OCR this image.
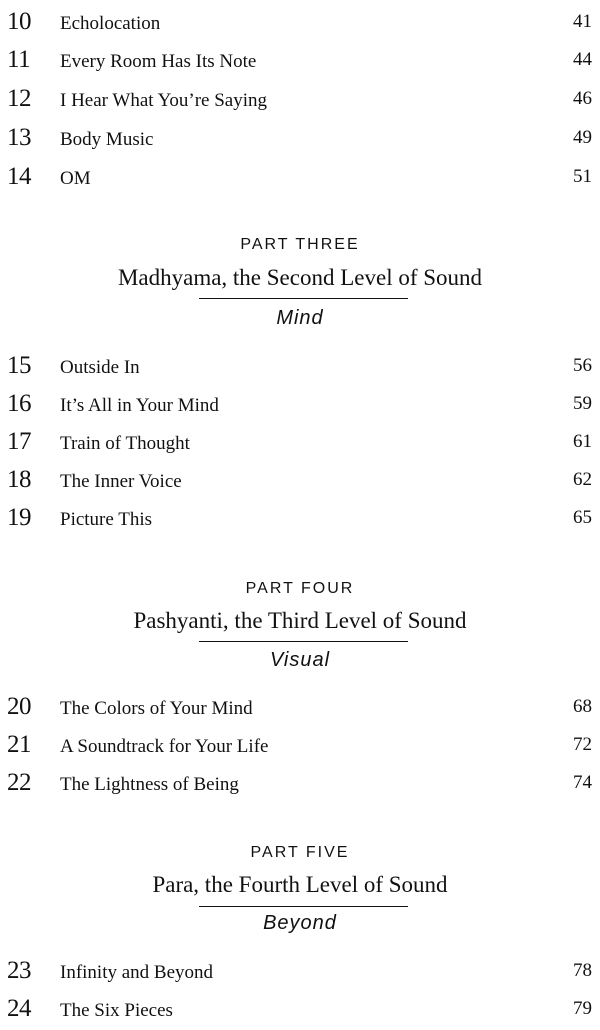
10 Echolocation	41
11 Every Room Has Its Note	44
12 I Hear What You’re Saying	46
13 Body Music	49
14 OM	51
PART THREE
Madhyama, the Second Level of Sound
Mind
15 Outside In	56
16 It’s All in Your Mind	59
17 Train of Thought	61
18 The Inner Voice	62
19 Picture This	65
PART FOUR
Pashyanti, the Third Level of Sound
Visual
20 The Colors of Your Mind	68
21 A Soundtrack for Your Life	72
22 The Lightness of Being	74
PART FIVE
Para, the Fourth Level of Sound
Beyond
23 Infinity and Beyond	78
24 The Six Pieces	79
